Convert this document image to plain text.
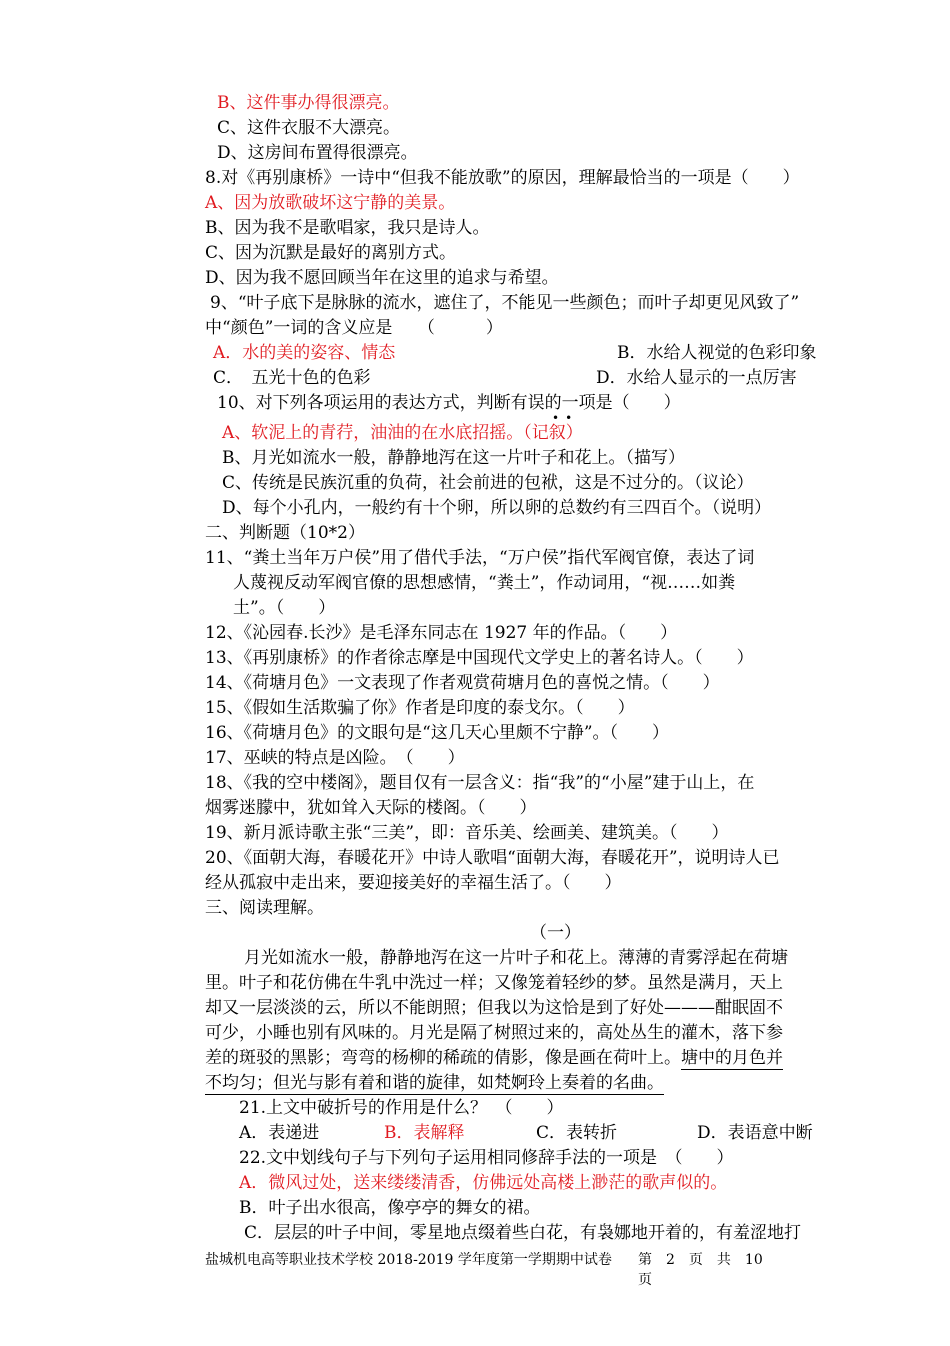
B、这件事办得很漂亮。
C、这件衣服不大漂亮。
D、这房间布置得很漂亮。
8.对《再别康桥》一诗中“但我不能放歌”的原因，理解最恰当的一项是（　　）
A、因为放歌破坏这宁静的美景。
B、因为我不是歌唱家，我只是诗人。
C、因为沉默是最好的离别方式。
D、因为我不愿回顾当年在这里的追求与希望。
9、“叶子底下是脉脉的流水，遮住了，不能见一些颜色；而叶子却更见风致了”
中“颜色”一词的含义应是　　（　　　）
A．水的美的姿容、情态	B．水给人视觉的色彩印象
C．　五光十色的色彩	D．水给人显示的一点厉害
10、对下列各项运用的表达方式，判断有误的一项是（　　）
••
A、软泥上的青荇，油油的在水底招摇。（记叙）
B、月光如流水一般，静静地泻在这一片叶子和花上。（描写）
C、传统是民族沉重的负荷，社会前进的包袱，这是不过分的。（议论）
D、每个小孔内，一般约有十个卵，所以卵的总数约有三四百个。（说明）
二、判断题（10*2）
11、“粪土当年万户侯”用了借代手法，“万户侯”指代军阀官僚，表达了词
人蔑视反动军阀官僚的思想感情，“粪土”，作动词用，“视……如粪
土”。（　　）
12、《沁园春.长沙》是毛泽东同志在 1927 年的作品。（　　）
13、《再别康桥》的作者徐志摩是中国现代文学史上的著名诗人。（　　）
14、《荷塘月色》一文表现了作者观赏荷塘月色的喜悦之情。（　　）
15、《假如生活欺骗了你》作者是印度的泰戈尔。（　　）
16、《荷塘月色》的文眼句是“这几天心里颇不宁静”。（　　）
17、巫峡的特点是凶险。　（　　）
18、《我的空中楼阁》，题目仅有一层含义：指“我”的“小屋”建于山上，在
烟雾迷朦中，犹如耸入天际的楼阁。（　　）
19、新月派诗歌主张“三美”，即：音乐美、绘画美、建筑美。（　　）
20、《面朝大海，春暖花开》中诗人歌唱“面朝大海，春暖花开”，说明诗人已
经从孤寂中走出来，要迎接美好的幸福生活了。（　　）
三、阅读理解。
（一）
月光如流水一般，静静地泻在这一片叶子和花上。薄薄的青雾浮起在荷塘
里。叶子和花仿佛在牛乳中洗过一样；又像笼着轻纱的梦。虽然是满月，天上
却又一层淡淡的云，所以不能朗照；但我以为这恰是到了好处———酣眠固不
可少，小睡也别有风味的。月光是隔了树照过来的，高处丛生的灌木，落下参
差的斑驳的黑影；弯弯的杨柳的稀疏的倩影，像是画在荷叶上。塘中的月色并
不均匀；但光与影有着和谐的旋律，如梵婀玲上奏着的名曲。
21.上文中破折号的作用是什么？　（　　）
A．表递进	B．表解释	C．表转折	D．表语意中断
22.文中划线句子与下列句子运用相同修辞手法的一项是　（　　）
A．微风过处，送来缕缕清香，仿佛远处高楼上渺茫的歌声似的。
B．叶子出水很高，像亭亭的舞女的裙。
C．层层的叶子中间，零星地点缀着些白花，有袅娜地开着的，有羞涩地打
盐城机电高等职业技术学校 2018-2019 学年度第一学期期中试卷 第　2　页　共　10
页
